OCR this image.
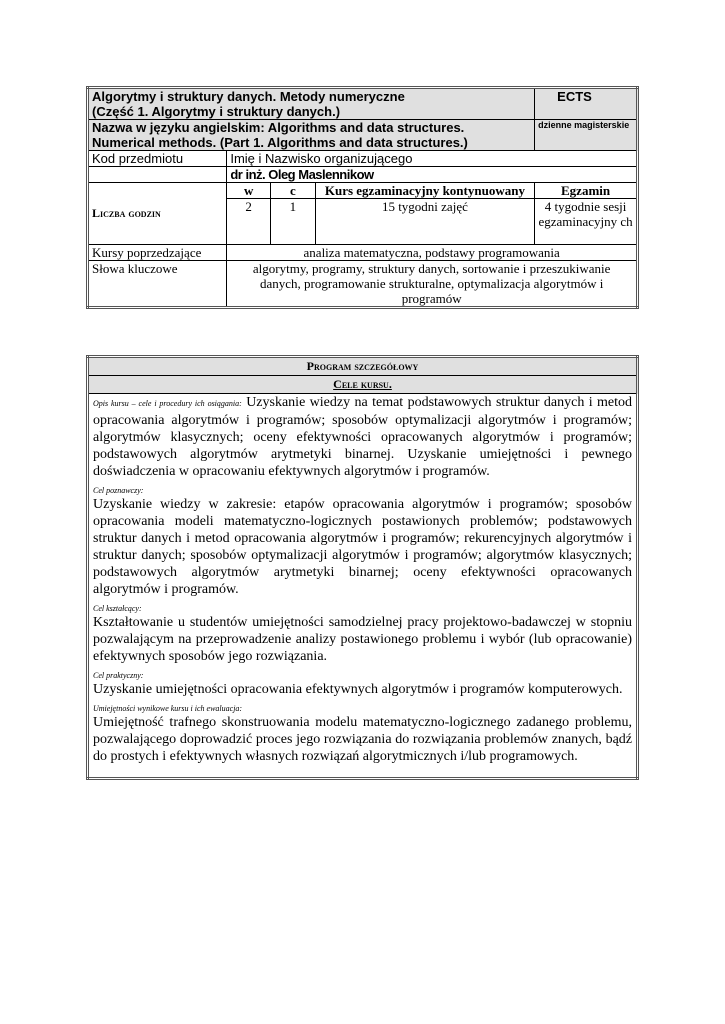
Algorytmy i struktury danych. Metody numeryczne
(Część 1. Algorytmy i struktury danych.)				ECTS

Nazwa w języku angielskim: Algorithms and data structures.
Numerical methods. (Part 1. Algorithms and data structures.)				dzienne magisterskie
Kod przedmiotu	Imię i Nazwisko organizującego			
	dr inż. Oleg Maslennikow			
Liczba godzin	w	c	Kurs egzaminacyjny kontynuowany	Egzamin
	2	1	15 tygodni zajęć	4 tygodnie sesji egzaminacyjny ch
Kursy poprzedzające	analiza matematyczna, podstawy programowania			
Słowa kluczowe	algorytmy, programy, struktury danych, sortowanie i przeszukiwanie danych, programowanie strukturalne, optymalizacja algorytmów i programów			
Program szczegółowy
Cele kursu.

Opis kursu – cele i procedury ich osiągania: Uzyskanie wiedzy na temat podstawowych struktur danych i metod opracowania algorytmów i programów; sposobów optymalizacji algorytmów i programów; algorytmów klasycznych; oceny efektywności opracowanych algorytmów i programów; podstawowych algorytmów arytmetyki binarnej. Uzyskanie umiejętności i pewnego doświadczenia w opracowaniu efektywnych algorytmów i programów.
Cel poznawczy:
Uzyskanie wiedzy w zakresie: etapów opracowania algorytmów i programów; sposobów opracowania modeli matematyczno-logicznych postawionych problemów; podstawowych struktur danych i metod opracowania algorytmów i programów; rekurencyjnych algorytmów i struktur danych; sposobów optymalizacji algorytmów i programów; algorytmów klasycznych; podstawowych algorytmów arytmetyki binarnej; oceny efektywności opracowanych algorytmów i programów.
Cel kształcący:
Kształtowanie u studentów umiejętności samodzielnej pracy projektowo-badawczej w stopniu pozwalającym na przeprowadzenie analizy postawionego problemu i wybór (lub opracowanie) efektywnych sposobów jego rozwiązania.
Cel praktyczny:
Uzyskanie umiejętności opracowania efektywnych algorytmów i programów komputerowych.
Umiejętności wynikowe kursu i ich ewaluacja:
Umiejętność trafnego skonstruowania modelu matematyczno-logicznego zadanego problemu, pozwalającego doprowadzić proces jego rozwiązania do rozwiązania problemów znanych, bądź do prostych i efektywnych własnych rozwiązań algorytmicznych i/lub programowych.
